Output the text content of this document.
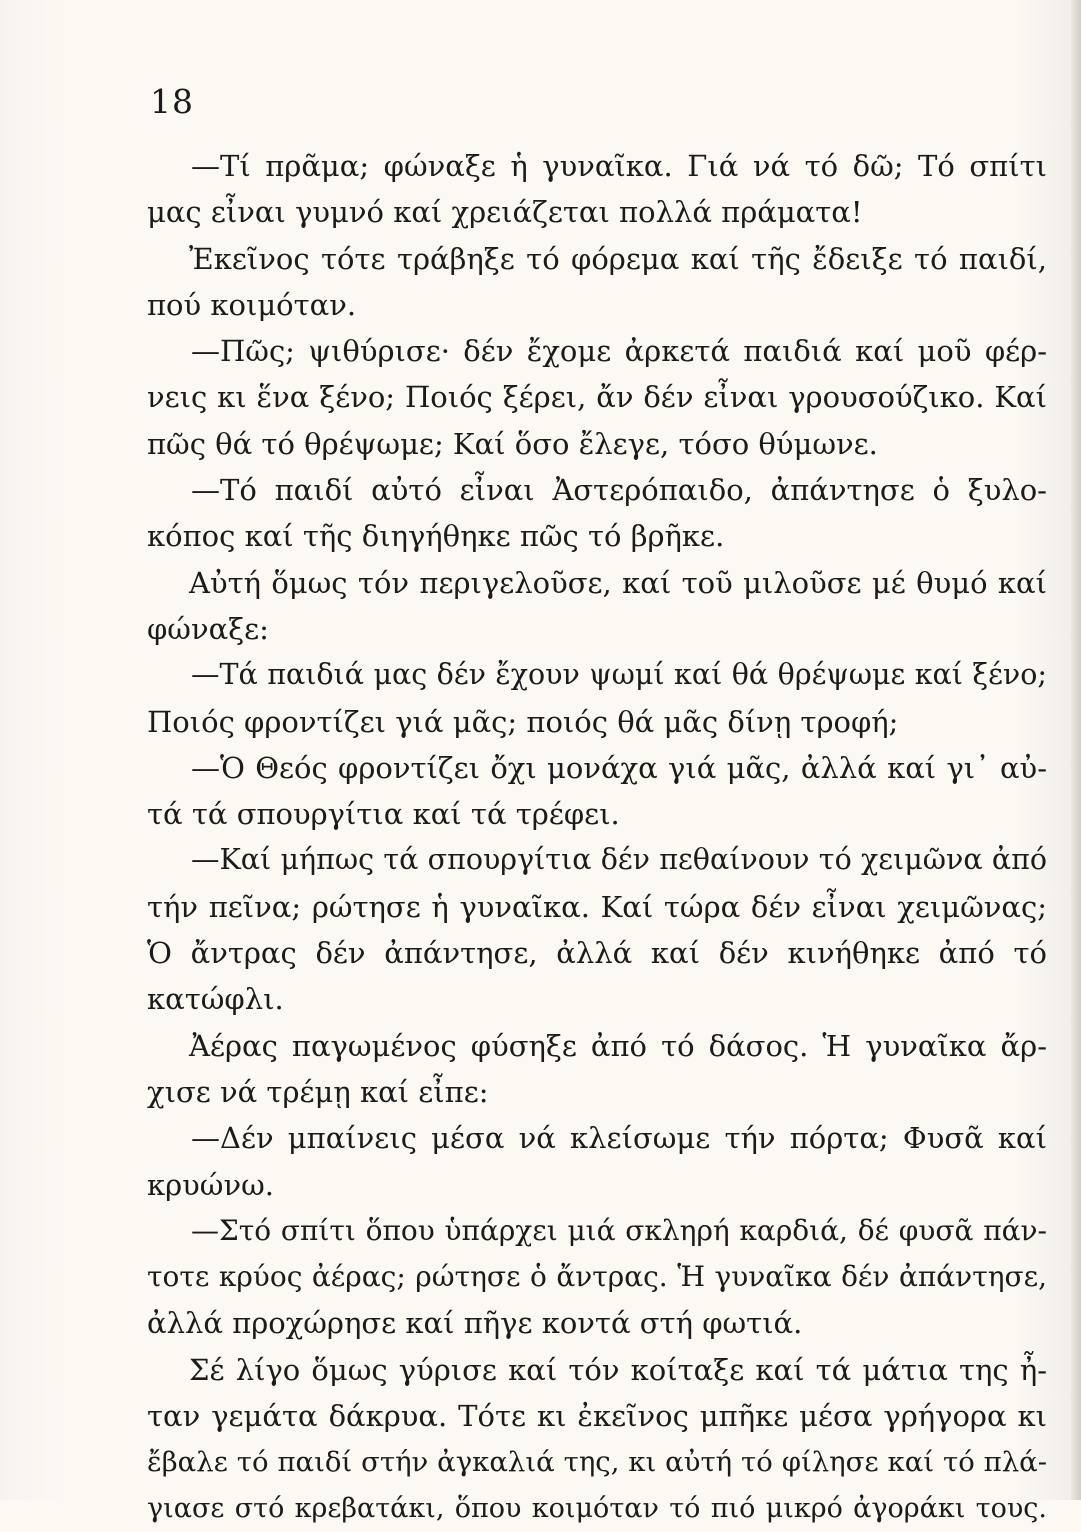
18
—Τί πρᾶμα; φώναξε ἡ γυναῖκα. Γιά νά τό δῶ; Τό σπίτι
μας εἶναι γυμνό καί χρειάζεται πολλά πράματα!
Ἐκεῖνος τότε τράβηξε τό φόρεμα καί τῆς ἔδειξε τό παιδί,
πού κοιμόταν.
—Πῶς; ψιθύρισε· δέν ἔχομε ἀρκετά παιδιά καί μοῦ φέρ-
νεις κι ἕνα ξένο; Ποιός ξέρει, ἄν δέν εἶναι γρουσούζικο. Καί
πῶς θά τό θρέψωμε; Καί ὅσο ἔλεγε, τόσο θύμωνε.
—Τό παιδί αὐτό εἶναι Ἀστερόπαιδο, ἀπάντησε ὁ ξυλο-
κόπος καί τῆς διηγήθηκε πῶς τό βρῆκε.
Αὐτή ὅμως τόν περιγελοῦσε, καί τοῦ μιλοῦσε μέ θυμό καί
φώναξε:
—Τά παιδιά μας δέν ἔχουν ψωμί καί θά θρέψωμε καί ξένο;
Ποιός φροντίζει γιά μᾶς; ποιός θά μᾶς δίνῃ τροφή;
—Ὁ Θεός φροντίζει ὄχι μονάχα γιά μᾶς, ἀλλά καί γι᾽ αὐ-
τά τά σπουργίτια καί τά τρέφει.
—Καί μήπως τά σπουργίτια δέν πεθαίνουν τό χειμῶνα ἀπό
τήν πεῖνα; ρώτησε ἡ γυναῖκα. Καί τώρα δέν εἶναι χειμῶνας;
Ὁ ἄντρας δέν ἀπάντησε, ἀλλά καί δέν κινήθηκε ἀπό τό
κατώφλι.
Ἀέρας παγωμένος φύσηξε ἀπό τό δάσος. Ἡ γυναῖκα ἄρ-
χισε νά τρέμῃ καί εἶπε:
—Δέν μπαίνεις μέσα νά κλείσωμε τήν πόρτα; Φυσᾶ καί
κρυώνω.
—Στό σπίτι ὅπου ὑπάρχει μιά σκληρή καρδιά, δέ φυσᾶ πάν-
τοτε κρύος ἀέρας; ρώτησε ὁ ἄντρας. Ἡ γυναῖκα δέν ἀπάντησε,
ἀλλά προχώρησε καί πῆγε κοντά στή φωτιά.
Σέ λίγο ὅμως γύρισε καί τόν κοίταξε καί τά μάτια της ἦ-
ταν γεμάτα δάκρυα. Τότε κι ἐκεῖνος μπῆκε μέσα γρήγορα κι
ἔβαλε τό παιδί στήν ἀγκαλιά της, κι αὐτή τό φίλησε καί τό πλά-
γιασε στό κρεβατάκι, ὅπου κοιμόταν τό πιό μικρό ἀγοράκι τους.
